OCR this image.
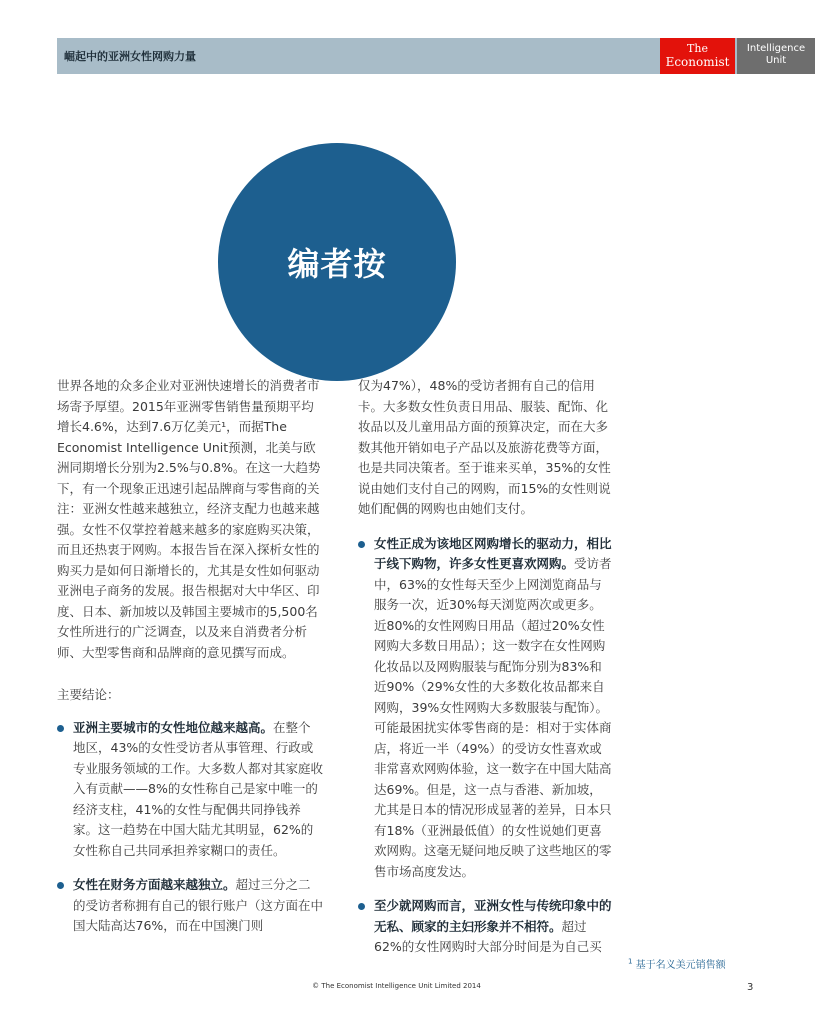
崛起中的亚洲女性网购力量
The
Economist
Intelligence
Unit
编者按

世界各地的众多企业对亚洲快速增长的消费者市场寄予厚望。2015年亚洲零售销售量预期平均增长4.6%，达到7.6万亿美元¹，而据The Economist Intelligence Unit预测，北美与欧洲同期增长分别为2.5%与0.8%。在这一大趋势下，有一个现象正迅速引起品牌商与零售商的关注：亚洲女性越来越独立，经济支配力也越来越强。女性不仅掌控着越来越多的家庭购买决策，而且还热衷于网购。本报告旨在深入探析女性的购买力是如何日渐增长的，尤其是女性如何驱动亚洲电子商务的发展。报告根据对大中华区、印度、日本、新加坡以及韩国主要城市的5,500名女性所进行的广泛调查，以及来自消费者分析师、大型零售商和品牌商的意见撰写而成。

主要结论：

亚洲主要城市的女性地位越来越高。在整个地区，43%的女性受访者从事管理、行政或专业服务领域的工作。大多数人都对其家庭收入有贡献——8%的女性称自己是家中唯一的经济支柱，41%的女性与配偶共同挣钱养家。这一趋势在中国大陆尤其明显，62%的女性称自己共同承担养家糊口的责任。
女性在财务方面越来越独立。超过三分之二的受访者称拥有自己的银行账户（这方面在中国大陆高达76%，而在中国澳门则

仅为47%），48%的受访者拥有自己的信用卡。大多数女性负责日用品、服装、配饰、化妆品以及儿童用品方面的预算决定，而在大多数其他开销如电子产品以及旅游花费等方面，也是共同决策者。至于谁来买单，35%的女性说由她们支付自己的网购，而15%的女性则说她们配偶的网购也由她们支付。

女性正成为该地区网购增长的驱动力，相比于线下购物，许多女性更喜欢网购。受访者中，63%的女性每天至少上网浏览商品与服务一次，近30%每天浏览两次或更多。近80%的女性网购日用品（超过20%女性网购大多数日用品）；这一数字在女性网购化妆品以及网购服装与配饰分别为83%和近90%（29%女性的大多数化妆品都来自网购，39%女性网购大多数服装与配饰）。可能最困扰实体零售商的是：相对于实体商店，将近一半（49%）的受访女性喜欢或非常喜欢网购体验，这一数字在中国大陆高达69%。但是，这一点与香港、新加坡，尤其是日本的情况形成显著的差异，日本只有18%（亚洲最低值）的女性说她们更喜欢网购。这毫无疑问地反映了这些地区的零售市场高度发达。
至少就网购而言，亚洲女性与传统印象中的无私、顾家的主妇形象并不相符。超过62%的女性网购时大部分时间是为自己买
$^1$ 基于名义美元销售额
© The Economist Intelligence Unit Limited 2014	3
